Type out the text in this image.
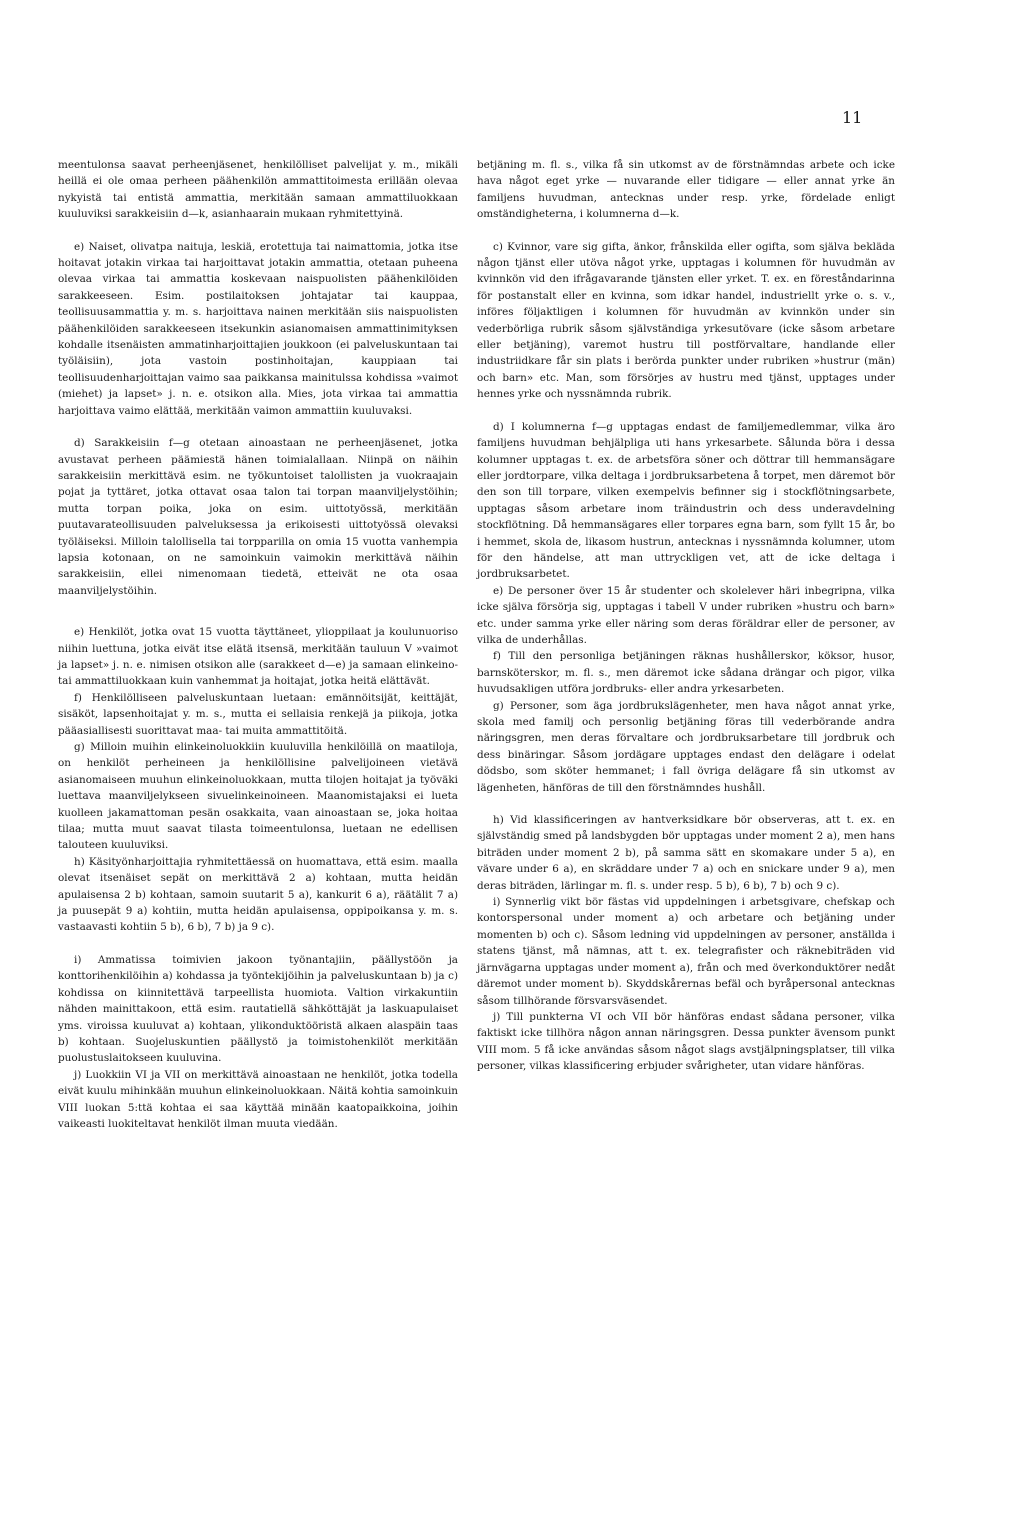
11

meentulonsa saavat perheenjäsenet, henkilölliset palvelijat y. m., mikäli heillä ei ole omaa perheen päähenkilön ammattitoimesta erillään olevaa nykyistä tai entistä ammattia, merkitään samaan ammattiluokkaan kuuluviksi sarakkeisiin d—k, asianhaarain mukaan ryhmitettyinä.

e) Naiset, olivatpa naituja, leskiä, erotettuja tai naimattomia, jotka itse hoitavat jotakin virkaa tai harjoittavat jotakin ammattia, otetaan puheena olevaa virkaa tai ammattia koskevaan naispuolisten päähenkilöiden sarakkeeseen. Esim. postilaitoksen johtajatar tai kauppaa, teollisuusammattia y. m. s. harjoittava nainen merkitään siis naispuolisten päähenkilöiden sarakkeeseen itsekunkin asianomaisen ammattinimityksen kohdalle itsenäisten ammatinharjoittajien joukkoon (ei palveluskuntaan tai työläisiin), jota vastoin postinhoitajan, kauppiaan tai teollisuudenharjoittajan vaimo saa paikkansa mainitulssa kohdissa »vaimot (miehet) ja lapset» j. n. e. otsikon alla. Mies, jota virkaa tai ammattia harjoittava vaimo elättää, merkitään vaimon ammattiin kuuluvaksi.

d) Sarakkeisiin f—g otetaan ainoastaan ne perheenjäsenet, jotka avustavat perheen päämiestä hänen toimialallaan. Niinpä on näihin sarakkeisiin merkittävä esim. ne työkuntoiset talollisten ja vuokraajain pojat ja tyttäret, jotka ottavat osaa talon tai torpan maanviljelystöihin; mutta torpan poika, joka on esim. uittotyössä, merkitään puutavarateollisuuden palveluksessa ja erikoisesti uittotyössä olevaksi työläiseksi. Milloin talollisella tai torpparilla on omia 15 vuotta vanhempia lapsia kotonaan, on ne samoinkuin vaimokin merkittävä näihin sarakkeisiin, ellei nimenomaan tiedetä, etteivät ne ota osaa maanviljelystöihin.

e) Henkilöt, jotka ovat 15 vuotta täyttäneet, ylioppilaat ja koulunuoriso niihin luettuna, jotka eivät itse elätä itsensä, merkitään tauluun V »vaimot ja lapset» j. n. e. nimisen otsikon alle (sarakkeet d—e) ja samaan elinkeino- tai ammattiluokkaan kuin vanhemmat ja hoitajat, jotka heitä elättävät.

f) Henkilölliseen palveluskuntaan luetaan: emännöitsijät, keittäjät, sisäköt, lapsenhoitajat y. m. s., mutta ei sellaisia renkejä ja piikoja, jotka pääasiallisesti suorittavat maa- tai muita ammattitöitä.

g) Milloin muihin elinkeinoluokkiin kuuluvilla henkilöillä on maatiloja, on henkilöt perheineen ja henkilöllisine palvelijoineen vietävä asianomaiseen muuhun elinkeinoluokkaan, mutta tilojen hoitajat ja työväki luettava maanviljelykseen sivuelinkeinoineen. Maanomistajaksi ei lueta kuolleen jakamattoman pesän osakkaita, vaan ainoastaan se, joka hoitaa tilaa; mutta muut saavat tilasta toimeentulonsa, luetaan ne edellisen talouteen kuuluviksi.

h) Käsityönharjoittajia ryhmitettäessä on huomattava, että esim. maalla olevat itsenäiset sepät on merkittävä 2 a) kohtaan, mutta heidän apulaisensa 2 b) kohtaan, samoin suutarit 5 a), kankurit 6 a), räätälit 7 a) ja puusepät 9 a) kohtiin, mutta heidän apulaisensa, oppipoikansa y. m. s. vastaavasti kohtiin 5 b), 6 b), 7 b) ja 9 c).

i) Ammatissa toimivien jakoon työnantajiin, päällystöön ja konttorihenkilöihin a) kohdassa ja työntekijöihin ja palveluskuntaan b) ja c) kohdissa on kiinnitettävä tarpeellista huomiota. Valtion virkakuntiin nähden mainittakoon, että esim. rautatiellä sähköttäjät ja laskuapulaiset yms. viroissa kuuluvat a) kohtaan, ylikonduktööristä alkaen alaspäin taas b) kohtaan. Suojeluskuntien päällystö ja toimistohenkilöt merkitään puolustuslaitokseen kuuluvina.

j) Luokkiin VI ja VII on merkittävä ainoastaan ne henkilöt, jotka todella eivät kuulu mihinkään muuhun elinkeinoluokkaan. Näitä kohtia samoinkuin VIII luokan 5:ttä kohtaa ei saa käyttää minään kaatopaikkoina, joihin vaikeasti luokiteltavat henkilöt ilman muuta viedään.

betjäning m. fl. s., vilka få sin utkomst av de förstnämndas arbete och icke hava något eget yrke — nuvarande eller tidigare — eller annat yrke än familjens huvudman, antecknas under resp. yrke, fördelade enligt omständigheterna, i kolumnerna d—k.

c) Kvinnor, vare sig gifta, änkor, frånskilda eller ogifta, som själva bekläda någon tjänst eller utöva något yrke, upptagas i kolumnen för huvudmän av kvinnkön vid den ifrågavarande tjänsten eller yrket. T. ex. en föreståndarinna för postanstalt eller en kvinna, som idkar handel, industriellt yrke o. s. v., införes följaktligen i kolumnen för huvudmän av kvinnkön under sin vederbörliga rubrik såsom självständiga yrkesutövare (icke såsom arbetare eller betjäning), varemot hustru till postförvaltare, handlande eller industriidkare får sin plats i berörda punkter under rubriken »hustrur (män) och barn» etc. Man, som försörjes av hustru med tjänst, upptages under hennes yrke och nyssnämnda rubrik.

d) I kolumnerna f—g upptagas endast de familjemedlemmar, vilka äro familjens huvudman behjälpliga uti hans yrkesarbete. Sålunda böra i dessa kolumner upptagas t. ex. de arbetsföra söner och döttrar till hemmansägare eller jordtorpare, vilka deltaga i jordbruksarbetena å torpet, men däremot bör den son till torpare, vilken exempelvis befinner sig i stockflötningsarbete, upptagas såsom arbetare inom träindustrin och dess underavdelning stockflötning. Då hemmansägares eller torpares egna barn, som fyllt 15 år, bo i hemmet, skola de, likasom hustrun, antecknas i nyssnämnda kolumner, utom för den händelse, att man uttryckligen vet, att de icke deltaga i jordbruksarbetet.

e) De personer över 15 år studenter och skolelever häri inbegripna, vilka icke själva försörja sig, upptagas i tabell V under rubriken »hustru och barn» etc. under samma yrke eller näring som deras föräldrar eller de personer, av vilka de underhållas.

f) Till den personliga betjäningen räknas hushållerskor, köksor, husor, barnsköterskor, m. fl. s., men däremot icke sådana drängar och pigor, vilka huvudsakligen utföra jordbruks- eller andra yrkesarbeten.

g) Personer, som äga jordbrukslägenheter, men hava något annat yrke, skola med familj och personlig betjäning föras till vederbörande andra näringsgren, men deras förvaltare och jordbruksarbetare till jordbruk och dess binäringar. Såsom jordägare upptages endast den delägare i odelat dödsbo, som sköter hemmanet; i fall övriga delägare få sin utkomst av lägenheten, hänföras de till den förstnämndes hushåll.

h) Vid klassificeringen av hantverksidkare bör observeras, att t. ex. en självständig smed på landsbygden bör upptagas under moment 2 a), men hans biträden under moment 2 b), på samma sätt en skomakare under 5 a), en vävare under 6 a), en skräddare under 7 a) och en snickare under 9 a), men deras biträden, lärlingar m. fl. s. under resp. 5 b), 6 b), 7 b) och 9 c).

i) Synnerlig vikt bör fästas vid uppdelningen i arbetsgivare, chefskap och kontorspersonal under moment a) och arbetare och betjäning under momenten b) och c). Såsom ledning vid uppdelningen av personer, anställda i statens tjänst, må nämnas, att t. ex. telegrafister och räknebiträden vid järnvägarna upptagas under moment a), från och med överkonduktörer nedåt däremot under moment b). Skyddskårernas befäl och byråpersonal antecknas såsom tillhörande försvarsväsendet.

j) Till punkterna VI och VII bör hänföras endast sådana personer, vilka faktiskt icke tillhöra någon annan näringsgren. Dessa punkter ävensom punkt VIII mom. 5 få icke användas såsom något slags avstjälpningsplatser, till vilka personer, vilkas klassificering erbjuder svårigheter, utan vidare hänföras.
